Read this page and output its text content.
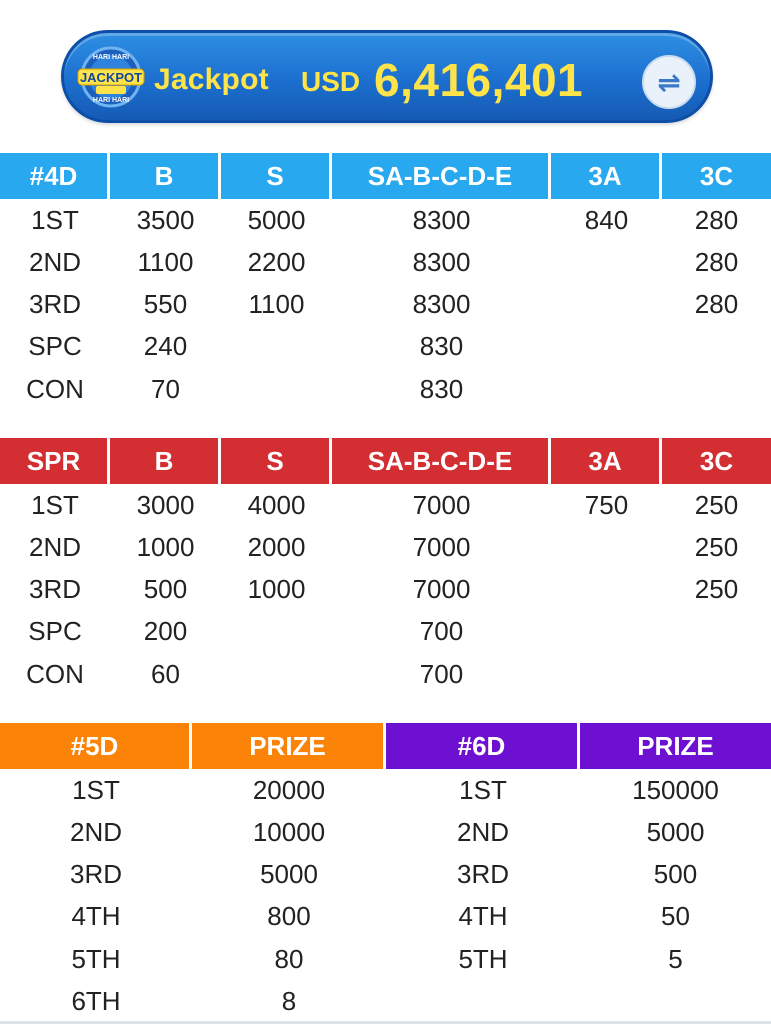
HARI HARI
JACKPOT
HARI HARI
Jackpot USD 6,416,401	⇌
#4D	B	S	SA-B-C-D-E	3A	3C
1ST	3500	5000	8300	840	280
2ND	1100	2200	8300		280
3RD	550	1100	8300		280
SPC	240		830		
CON	70		830		
SPR	B	S	SA-B-C-D-E	3A	3C
1ST	3000	4000	7000	750	250
2ND	1000	2000	7000		250
3RD	500	1000	7000		250
SPC	200		700		
CON	60		700		
#5D	PRIZE	#6D	PRIZE
1ST	20000	1ST	150000
2ND	10000	2ND	5000
3RD	5000	3RD	500
4TH	800	4TH	50
5TH	80	5TH	5
6TH	8		
